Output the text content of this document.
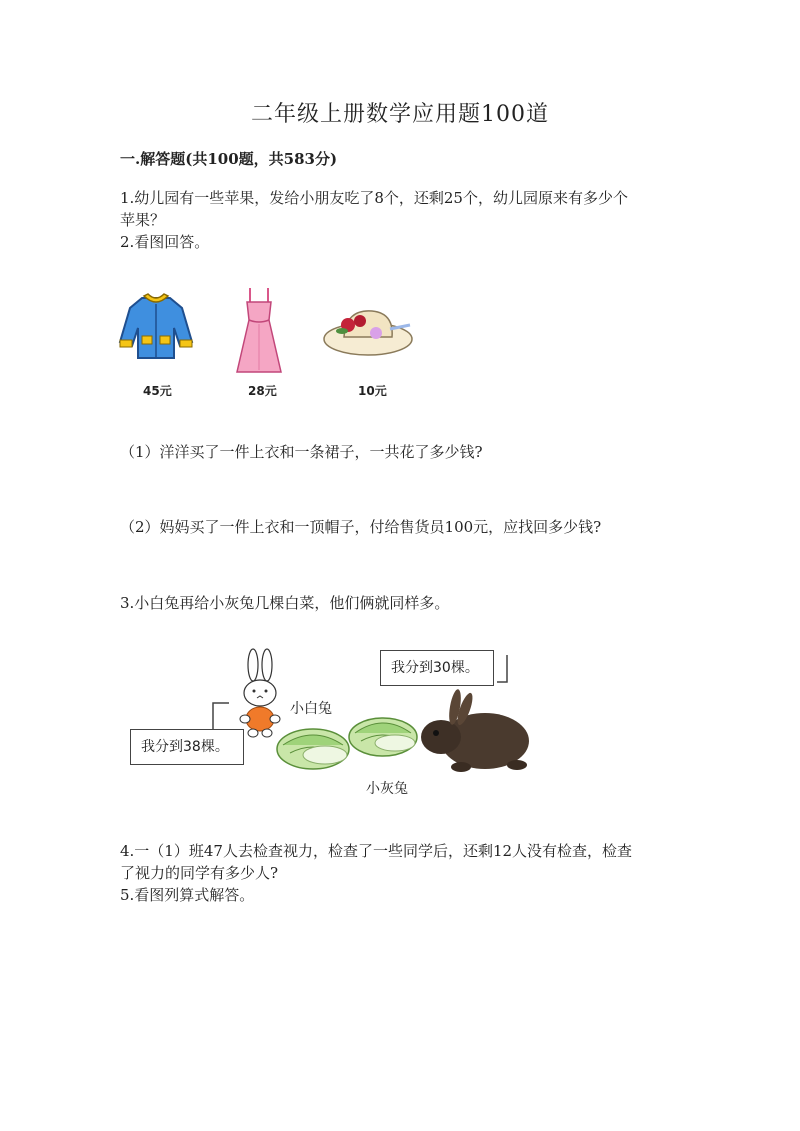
二年级上册数学应用题100道
一.解答题(共100题，共583分)
1.幼儿园有一些苹果，发给小朋友吃了8个，还剩25个，幼儿园原来有多少个
苹果？
2.看图回答。
45元	28元	10元
（1）洋洋买了一件上衣和一条裙子，一共花了多少钱?
（2）妈妈买了一件上衣和一顶帽子，付给售货员100元，应找回多少钱?
3.小白兔再给小灰兔几棵白菜，他们俩就同样多。
我分到38棵。
我分到30棵。
小白兔
小灰兔
4.一（1）班47人去检查视力，检查了一些同学后，还剩12人没有检查，检查
了视力的同学有多少人?
5.看图列算式解答。
